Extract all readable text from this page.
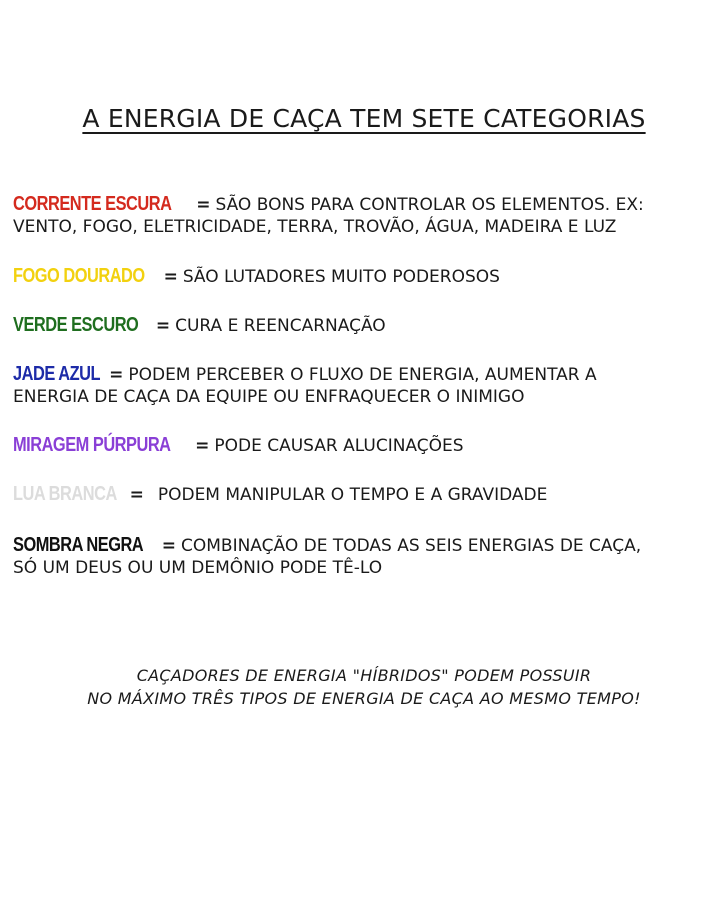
A ENERGIA DE CAÇA TEM SETE CATEGORIAS
CORRENTE ESCURA = SÃO BONS PARA CONTROLAR OS ELEMENTOS. EX:
VENTO, FOGO, ELETRICIDADE, TERRA, TROVÃO, ÁGUA, MADEIRA E LUZ
FOGO DOURADO = SÃO LUTADORES MUITO PODEROSOS
VERDE ESCURO = CURA E REENCARNAÇÃO
JADE AZUL = PODEM PERCEBER O FLUXO DE ENERGIA, AUMENTAR A
ENERGIA DE CAÇA DA EQUIPE OU ENFRAQUECER O INIMIGO
MIRAGEM PÚRPURA = PODE CAUSAR ALUCINAÇÕES
LUA BRANCA = PODEM MANIPULAR O TEMPO E A GRAVIDADE
SOMBRA NEGRA = COMBINAÇÃO DE TODAS AS SEIS ENERGIAS DE CAÇA,
SÓ UM DEUS OU UM DEMÔNIO PODE TÊ-LO
CAÇADORES DE ENERGIA "HÍBRIDOS" PODEM POSSUIR
NO MÁXIMO TRÊS TIPOS DE ENERGIA DE CAÇA AO MESMO TEMPO!
